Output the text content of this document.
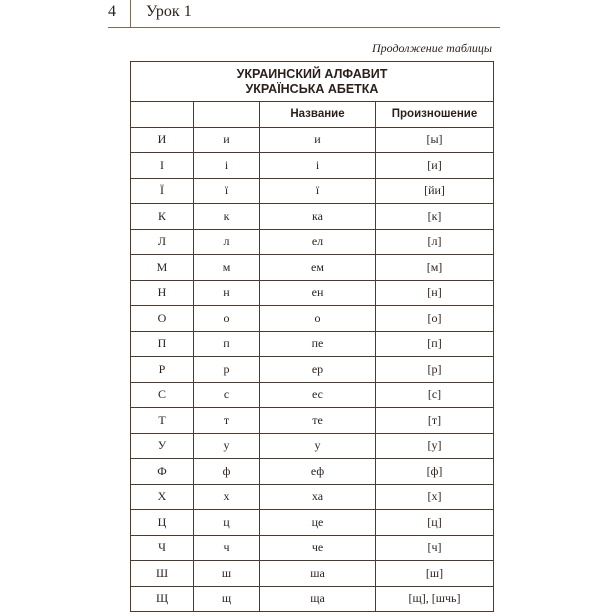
4 Урок 1
Продолжение таблицы
УКРАИНСКИЙ АЛФАВИТ
УКРАЇНСЬКА АБЕТКА			

		Название	Произношение
И	и	и	[ы]
І	і	і	[и]
Ї	ї	ї	[йи]
К	к	ка	[к]
Л	л	ел	[л]
М	м	ем	[м]
Н	н	ен	[н]
О	о	о	[о]
П	п	пе	[п]
Р	р	ер	[р]
С	с	ес	[с]
Т	т	те	[т]
У	у	у	[у]
Ф	ф	еф	[ф]
Х	х	ха	[х]
Ц	ц	це	[ц]
Ч	ч	че	[ч]
Ш	ш	ша	[ш]
Щ	щ	ща	[щ], [шчь]
